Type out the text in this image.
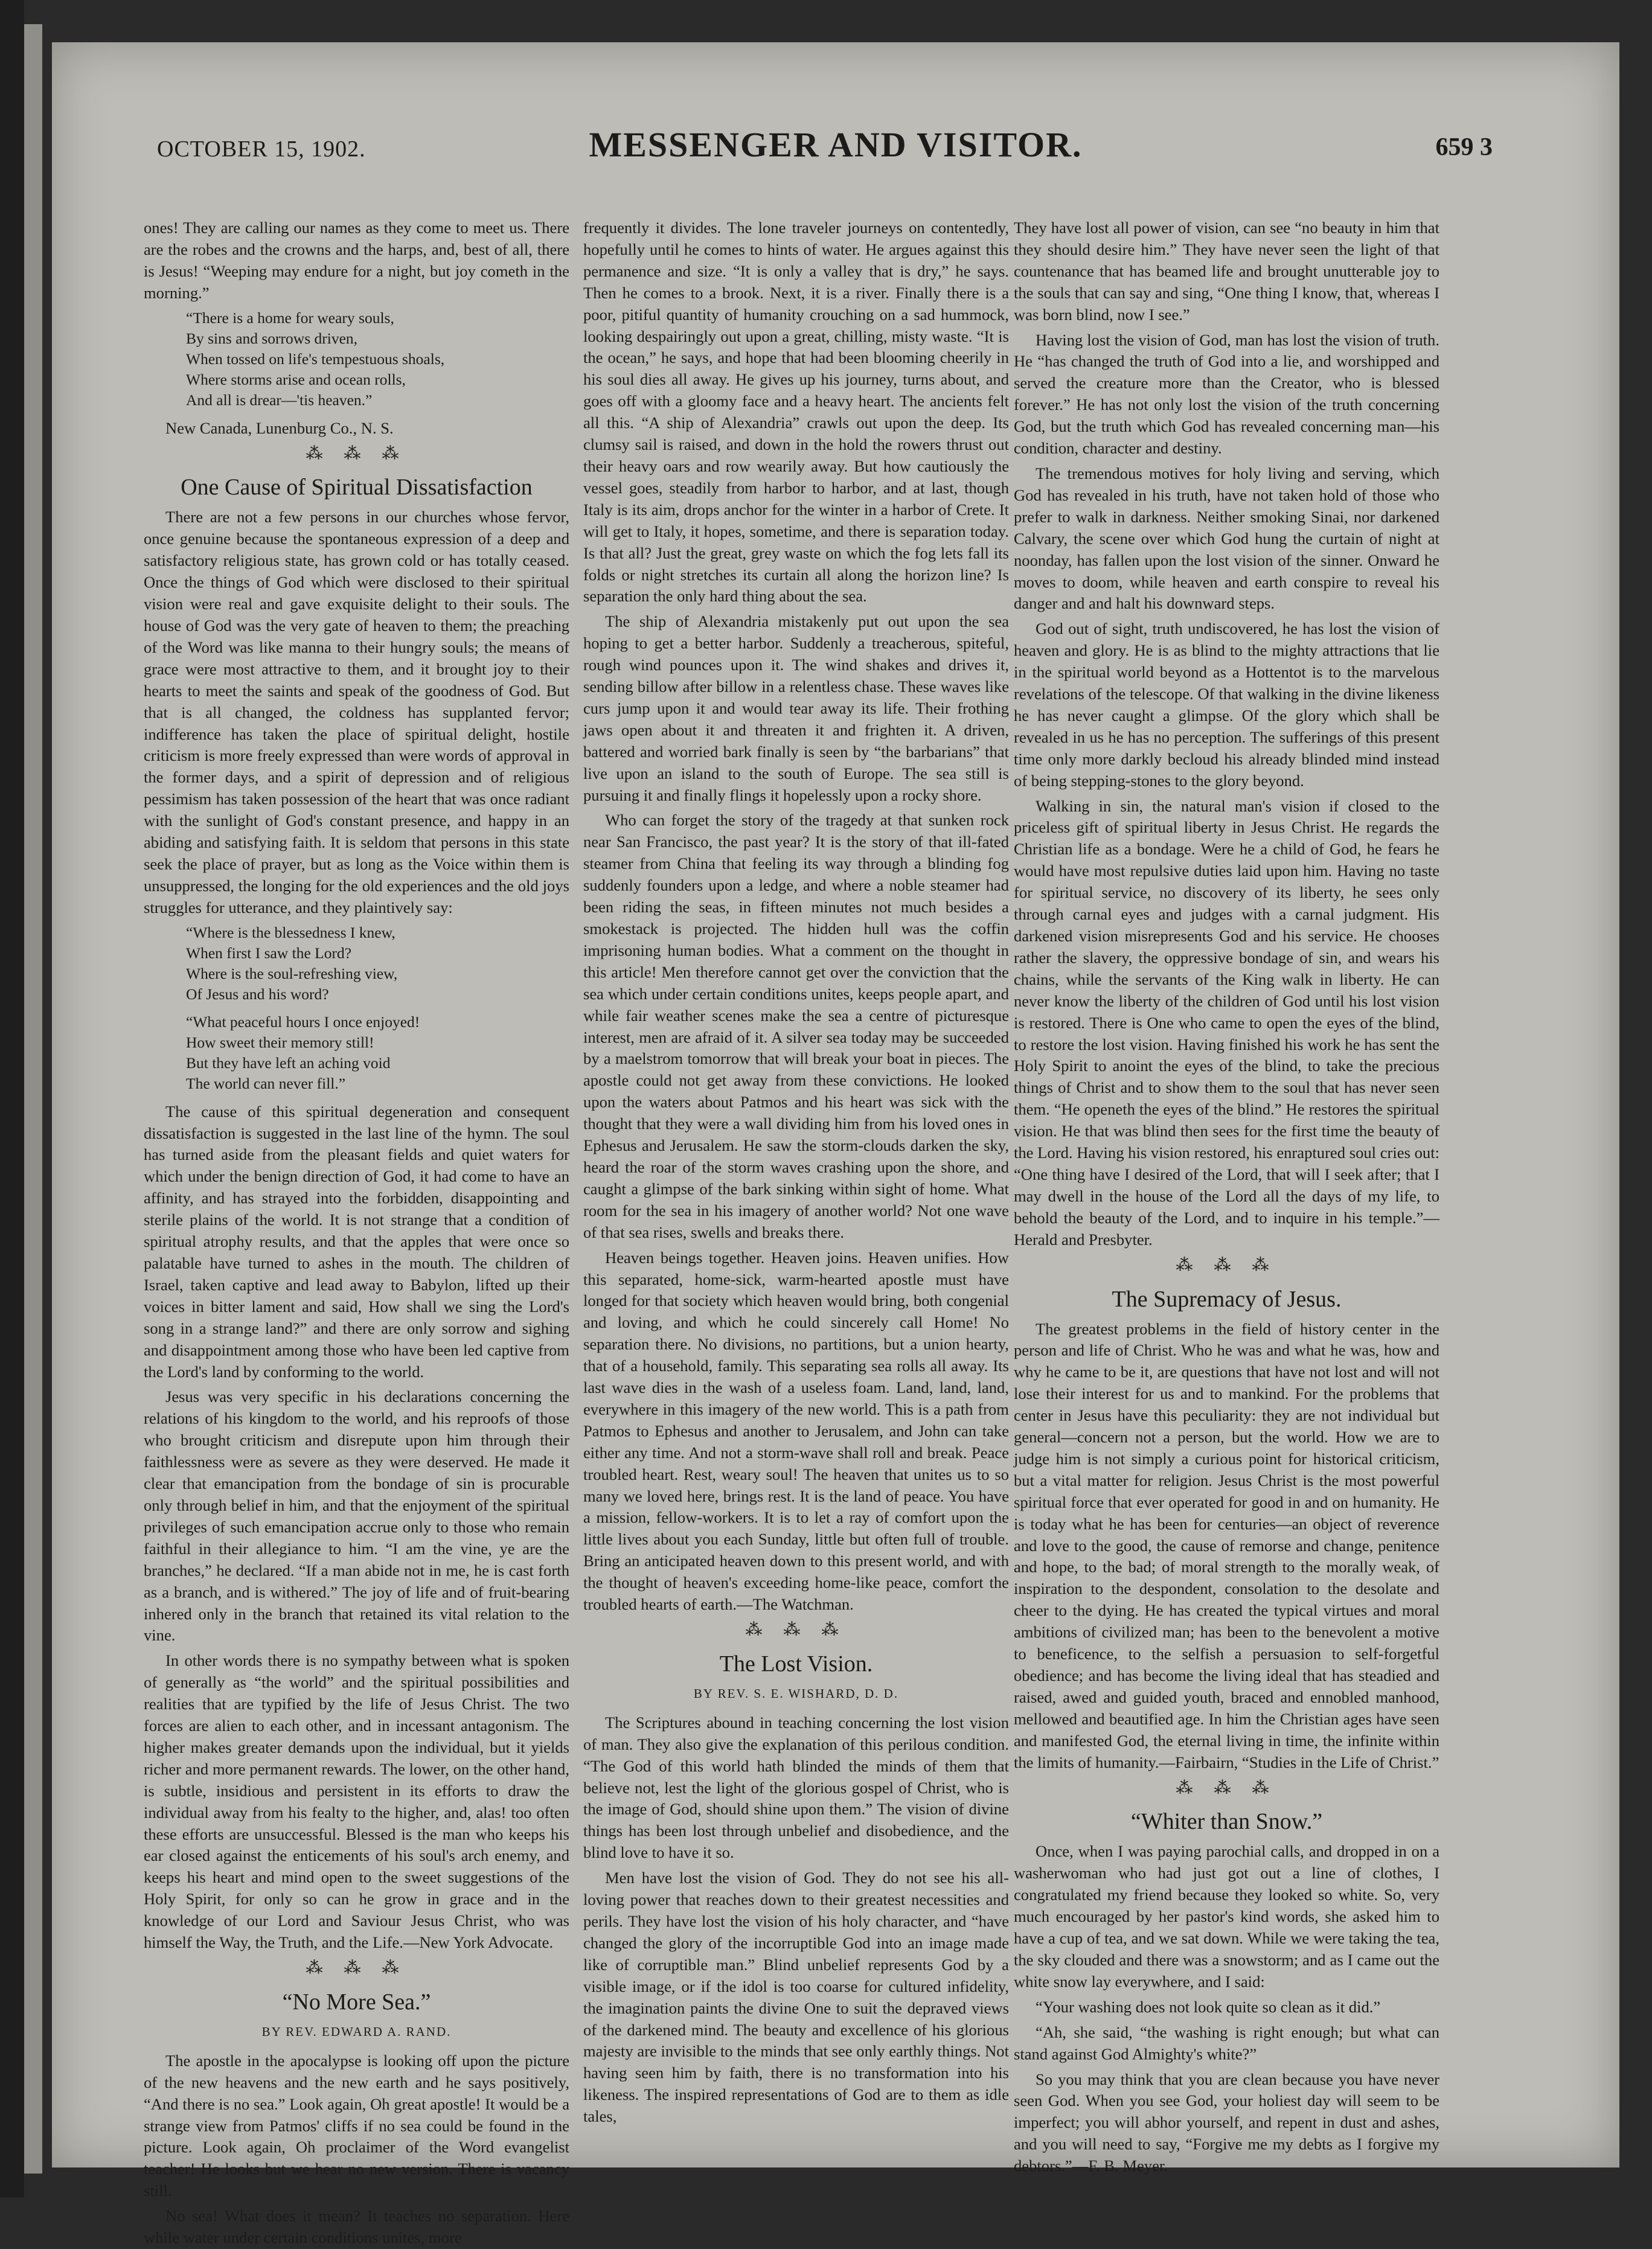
OCTOBER 15, 1902.	MESSENGER AND VISITOR.	659 3

ones! They are calling our names as they come to meet us. There are the robes and the crowns and the harps, and, best of all, there is Jesus! “Weeping may endure for a night, but joy cometh in the morning.”

“There is a home for weary souls,
By sins and sorrows driven,
When tossed on life's tempestuous shoals,
Where storms arise and ocean rolls,
And all is drear—'tis heaven.”

New Canada, Lunenburg Co., N. S.

⁂ ⁂ ⁂
One Cause of Spiritual Dissatisfaction

There are not a few persons in our churches whose fervor, once genuine because the spontaneous expression of a deep and satisfactory religious state, has grown cold or has totally ceased. Once the things of God which were disclosed to their spiritual vision were real and gave exquisite delight to their souls. The house of God was the very gate of heaven to them; the preaching of the Word was like manna to their hungry souls; the means of grace were most attractive to them, and it brought joy to their hearts to meet the saints and speak of the goodness of God. But that is all changed, the coldness has supplanted fervor; indifference has taken the place of spiritual delight, hostile criticism is more freely expressed than were words of approval in the former days, and a spirit of depression and of religious pessimism has taken possession of the heart that was once radiant with the sunlight of God's constant presence, and happy in an abiding and satisfying faith. It is seldom that persons in this state seek the place of prayer, but as long as the Voice within them is unsuppressed, the longing for the old experiences and the old joys struggles for utterance, and they plaintively say:

“Where is the blessedness I knew,
When first I saw the Lord?
Where is the soul-refreshing view,
Of Jesus and his word?
“What peaceful hours I once enjoyed!
How sweet their memory still!
But they have left an aching void
The world can never fill.”

The cause of this spiritual degeneration and consequent dissatisfaction is suggested in the last line of the hymn. The soul has turned aside from the pleasant fields and quiet waters for which under the benign direction of God, it had come to have an affinity, and has strayed into the forbidden, disappointing and sterile plains of the world. It is not strange that a condition of spiritual atrophy results, and that the apples that were once so palatable have turned to ashes in the mouth. The children of Israel, taken captive and lead away to Babylon, lifted up their voices in bitter lament and said, How shall we sing the Lord's song in a strange land?” and there are only sorrow and sighing and disappointment among those who have been led captive from the Lord's land by conforming to the world.

Jesus was very specific in his declarations concerning the relations of his kingdom to the world, and his reproofs of those who brought criticism and disrepute upon him through their faithlessness were as severe as they were deserved. He made it clear that emancipation from the bondage of sin is procurable only through belief in him, and that the enjoyment of the spiritual privileges of such emancipation accrue only to those who remain faithful in their allegiance to him. “I am the vine, ye are the branches,” he declared. “If a man abide not in me, he is cast forth as a branch, and is withered.” The joy of life and of fruit-bearing inhered only in the branch that retained its vital relation to the vine.

In other words there is no sympathy between what is spoken of generally as “the world” and the spiritual possibilities and realities that are typified by the life of Jesus Christ. The two forces are alien to each other, and in incessant antagonism. The higher makes greater demands upon the individual, but it yields richer and more permanent rewards. The lower, on the other hand, is subtle, insidious and persistent in its efforts to draw the individual away from his fealty to the higher, and, alas! too often these efforts are unsuccessful. Blessed is the man who keeps his ear closed against the enticements of his soul's arch enemy, and keeps his heart and mind open to the sweet suggestions of the Holy Spirit, for only so can he grow in grace and in the knowledge of our Lord and Saviour Jesus Christ, who was himself the Way, the Truth, and the Life.—New York Advocate.

⁂ ⁂ ⁂
“No More Sea.”
BY REV. EDWARD A. RAND.

The apostle in the apocalypse is looking off upon the picture of the new heavens and the new earth and he says positively, “And there is no sea.” Look again, Oh great apostle! It would be a strange view from Patmos' cliffs if no sea could be found in the picture. Look again, Oh proclaimer of the Word evangelist teacher! He looks but we hear no new version. There is vacancy still.

No sea! What does it mean? It teaches no separation. Here while water under certain conditions unites, more

frequently it divides. The lone traveler journeys on contentedly, hopefully until he comes to hints of water. He argues against this permanence and size. “It is only a valley that is dry,” he says. Then he comes to a brook. Next, it is a river. Finally there is a poor, pitiful quantity of humanity crouching on a sad hummock, looking despairingly out upon a great, chilling, misty waste. “It is the ocean,” he says, and hope that had been blooming cheerily in his soul dies all away. He gives up his journey, turns about, and goes off with a gloomy face and a heavy heart. The ancients felt all this. “A ship of Alexandria” crawls out upon the deep. Its clumsy sail is raised, and down in the hold the rowers thrust out their heavy oars and row wearily away. But how cautiously the vessel goes, steadily from harbor to harbor, and at last, though Italy is its aim, drops anchor for the winter in a harbor of Crete. It will get to Italy, it hopes, sometime, and there is separation today. Is that all? Just the great, grey waste on which the fog lets fall its folds or night stretches its curtain all along the horizon line? Is separation the only hard thing about the sea.

The ship of Alexandria mistakenly put out upon the sea hoping to get a better harbor. Suddenly a treacherous, spiteful, rough wind pounces upon it. The wind shakes and drives it, sending billow after billow in a relentless chase. These waves like curs jump upon it and would tear away its life. Their frothing jaws open about it and threaten it and frighten it. A driven, battered and worried bark finally is seen by “the barbarians” that live upon an island to the south of Europe. The sea still is pursuing it and finally flings it hopelessly upon a rocky shore.

Who can forget the story of the tragedy at that sunken rock near San Francisco, the past year? It is the story of that ill-fated steamer from China that feeling its way through a blinding fog suddenly founders upon a ledge, and where a noble steamer had been riding the seas, in fifteen minutes not much besides a smokestack is projected. The hidden hull was the coffin imprisoning human bodies. What a comment on the thought in this article! Men therefore cannot get over the conviction that the sea which under certain conditions unites, keeps people apart, and while fair weather scenes make the sea a centre of picturesque interest, men are afraid of it. A silver sea today may be succeeded by a maelstrom tomorrow that will break your boat in pieces. The apostle could not get away from these convictions. He looked upon the waters about Patmos and his heart was sick with the thought that they were a wall dividing him from his loved ones in Ephesus and Jerusalem. He saw the storm-clouds darken the sky, heard the roar of the storm waves crashing upon the shore, and caught a glimpse of the bark sinking within sight of home. What room for the sea in his imagery of another world? Not one wave of that sea rises, swells and breaks there.

Heaven beings together. Heaven joins. Heaven unifies. How this separated, home-sick, warm-hearted apostle must have longed for that society which heaven would bring, both congenial and loving, and which he could sincerely call Home! No separation there. No divisions, no partitions, but a union hearty, that of a household, family. This separating sea rolls all away. Its last wave dies in the wash of a useless foam. Land, land, land, everywhere in this imagery of the new world. This is a path from Patmos to Ephesus and another to Jerusalem, and John can take either any time. And not a storm-wave shall roll and break. Peace troubled heart. Rest, weary soul! The heaven that unites us to so many we loved here, brings rest. It is the land of peace. You have a mission, fellow-workers. It is to let a ray of comfort upon the little lives about you each Sunday, little but often full of trouble. Bring an anticipated heaven down to this present world, and with the thought of heaven's exceeding home-like peace, comfort the troubled hearts of earth.—The Watchman.

⁂ ⁂ ⁂
The Lost Vision.
BY REV. S. E. WISHARD, D. D.

The Scriptures abound in teaching concerning the lost vision of man. They also give the explanation of this perilous condition. “The God of this world hath blinded the minds of them that believe not, lest the light of the glorious gospel of Christ, who is the image of God, should shine upon them.” The vision of divine things has been lost through unbelief and disobedience, and the blind love to have it so.

Men have lost the vision of God. They do not see his all-loving power that reaches down to their greatest necessities and perils. They have lost the vision of his holy character, and “have changed the glory of the incorruptible God into an image made like of corruptible man.” Blind unbelief represents God by a visible image, or if the idol is too coarse for cultured infidelity, the imagination paints the divine One to suit the depraved views of the darkened mind. The beauty and excellence of his glorious majesty are invisible to the minds that see only earthly things. Not having seen him by faith, there is no transformation into his likeness. The inspired representations of God are to them as idle tales,

They have lost all power of vision, can see “no beauty in him that they should desire him.” They have never seen the light of that countenance that has beamed life and brought unutterable joy to the souls that can say and sing, “One thing I know, that, whereas I was born blind, now I see.”

Having lost the vision of God, man has lost the vision of truth. He “has changed the truth of God into a lie, and worshipped and served the creature more than the Creator, who is blessed forever.” He has not only lost the vision of the truth concerning God, but the truth which God has revealed concerning man—his condition, character and destiny.

The tremendous motives for holy living and serving, which God has revealed in his truth, have not taken hold of those who prefer to walk in darkness. Neither smoking Sinai, nor darkened Calvary, the scene over which God hung the curtain of night at noonday, has fallen upon the lost vision of the sinner. Onward he moves to doom, while heaven and earth conspire to reveal his danger and and halt his downward steps.

God out of sight, truth undiscovered, he has lost the vision of heaven and glory. He is as blind to the mighty attractions that lie in the spiritual world beyond as a Hottentot is to the marvelous revelations of the telescope. Of that walking in the divine likeness he has never caught a glimpse. Of the glory which shall be revealed in us he has no perception. The sufferings of this present time only more darkly becloud his already blinded mind instead of being stepping-stones to the glory beyond.

Walking in sin, the natural man's vision if closed to the priceless gift of spiritual liberty in Jesus Christ. He regards the Christian life as a bondage. Were he a child of God, he fears he would have most repulsive duties laid upon him. Having no taste for spiritual service, no discovery of its liberty, he sees only through carnal eyes and judges with a carnal judgment. His darkened vision misrepresents God and his service. He chooses rather the slavery, the oppressive bondage of sin, and wears his chains, while the servants of the King walk in liberty. He can never know the liberty of the children of God until his lost vision is restored. There is One who came to open the eyes of the blind, to restore the lost vision. Having finished his work he has sent the Holy Spirit to anoint the eyes of the blind, to take the precious things of Christ and to show them to the soul that has never seen them. “He openeth the eyes of the blind.” He restores the spiritual vision. He that was blind then sees for the first time the beauty of the Lord. Having his vision restored, his enraptured soul cries out: “One thing have I desired of the Lord, that will I seek after; that I may dwell in the house of the Lord all the days of my life, to behold the beauty of the Lord, and to inquire in his temple.”—Herald and Presbyter.

⁂ ⁂ ⁂
The Supremacy of Jesus.

The greatest problems in the field of history center in the person and life of Christ. Who he was and what he was, how and why he came to be it, are questions that have not lost and will not lose their interest for us and to mankind. For the problems that center in Jesus have this peculiarity: they are not individual but general—concern not a person, but the world. How we are to judge him is not simply a curious point for historical criticism, but a vital matter for religion. Jesus Christ is the most powerful spiritual force that ever operated for good in and on humanity. He is today what he has been for centuries—an object of reverence and love to the good, the cause of remorse and change, penitence and hope, to the bad; of moral strength to the morally weak, of inspiration to the despondent, consolation to the desolate and cheer to the dying. He has created the typical virtues and moral ambitions of civilized man; has been to the benevolent a motive to beneficence, to the selfish a persuasion to self-forgetful obedience; and has become the living ideal that has steadied and raised, awed and guided youth, braced and ennobled manhood, mellowed and beautified age. In him the Christian ages have seen and manifested God, the eternal living in time, the infinite within the limits of humanity.—Fairbairn, “Studies in the Life of Christ.”

⁂ ⁂ ⁂
“Whiter than Snow.”

Once, when I was paying parochial calls, and dropped in on a washerwoman who had just got out a line of clothes, I congratulated my friend because they looked so white. So, very much encouraged by her pastor's kind words, she asked him to have a cup of tea, and we sat down. While we were taking the tea, the sky clouded and there was a snowstorm; and as I came out the white snow lay everywhere, and I said:

“Your washing does not look quite so clean as it did.”

“Ah, she said, “the washing is right enough; but what can stand against God Almighty's white?”

So you may think that you are clean because you have never seen God. When you see God, your holiest day will seem to be imperfect; you will abhor yourself, and repent in dust and ashes, and you will need to say, “Forgive me my debts as I forgive my debtors.”—F. B. Meyer.
